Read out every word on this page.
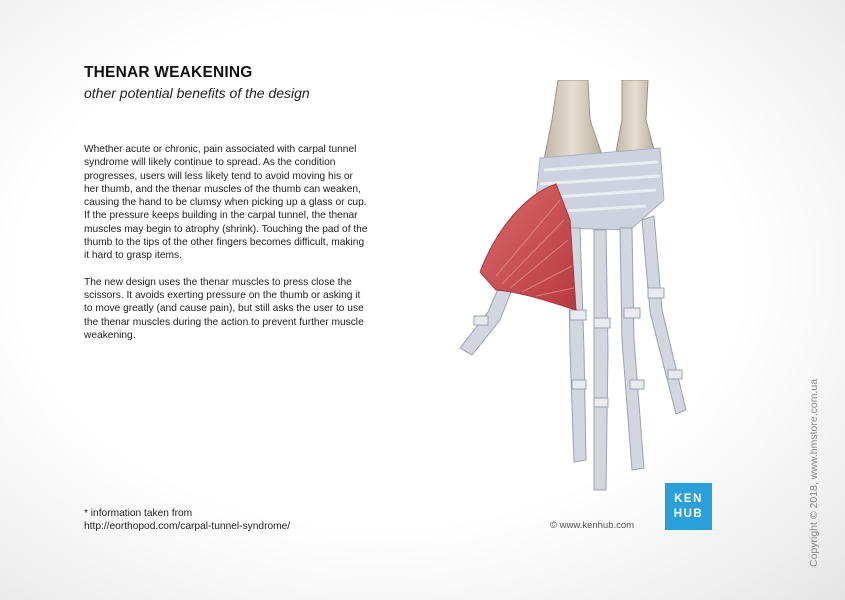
THENAR WEAKENING
other potential benefits of the design

Whether acute or chronic, pain associated with carpal tunnel syndrome will likely continue to spread. As the condition progresses, users will less likely tend to avoid moving his or her thumb, and the thenar muscles of the thumb can weaken, causing the hand to be clumsy when picking up a glass or cup. If the pressure keeps building in the carpal tunnel, the thenar muscles may begin to atrophy (shrink). Touching the pad of the thumb to the tips of the other fingers becomes difficult, making it hard to grasp items.

The new design uses the thenar muscles to press close the scissors. It avoids exerting pressure on the thumb or asking it to move greatly (and cause pain), but still asks the user to use the thenar muscles during the action to prevent further muscle weakening.

* information taken from
http://eorthopod.com/carpal-tunnel-syndrome/	© www.kenhub.com
KEN
HUB	Copyright © 2018, www.hmstore.com.ua
